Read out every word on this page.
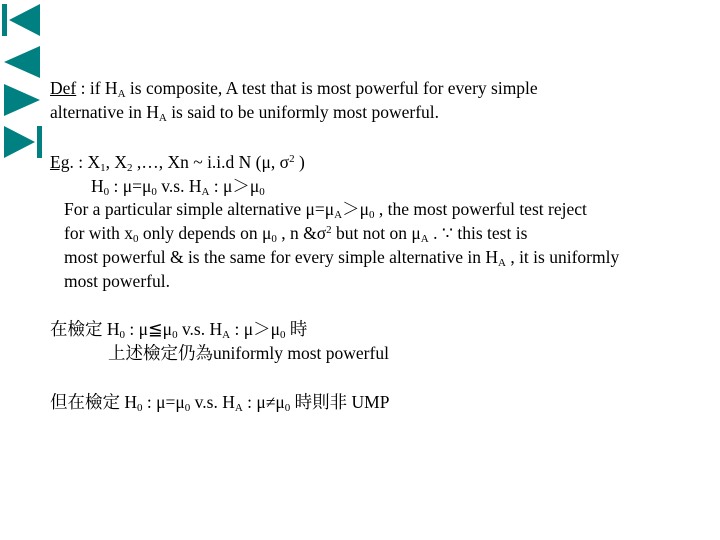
Def : if $H_A$ is composite, A test that is most powerful for every simple
alternative in $H_A$ is said to be uniformly most powerful.
Eg. : $X_1$, $X_2$ ,…, Xn ~ i.i.d N (μ, $\sigma^2$ )
$H_0$ : $\mu=\mu_0$ v.s. $H_A$ : $\mu>\mu_0$
For a particular simple alternative $\mu=\mu_A>\mu_0$ , the most powerful test reject
for with $x_0$ only depends on $\mu_0$ , n $\&\sigma^2$ but not on $\mu_A$ . ∵ this test is
most powerful & is the same for every simple alternative in $H_A$ , it is uniformly
most powerful.
在檢定 $H_0$ : $\mu≦\mu_0$ v.s. $H_A$ : $\mu>\mu_0$ 時
上述檢定仍為uniformly most powerful
但在檢定 $H_0$ : $\mu=\mu_0$ v.s. $H_A$ : $\mu\ne\mu_0$ 時則非 UMP
